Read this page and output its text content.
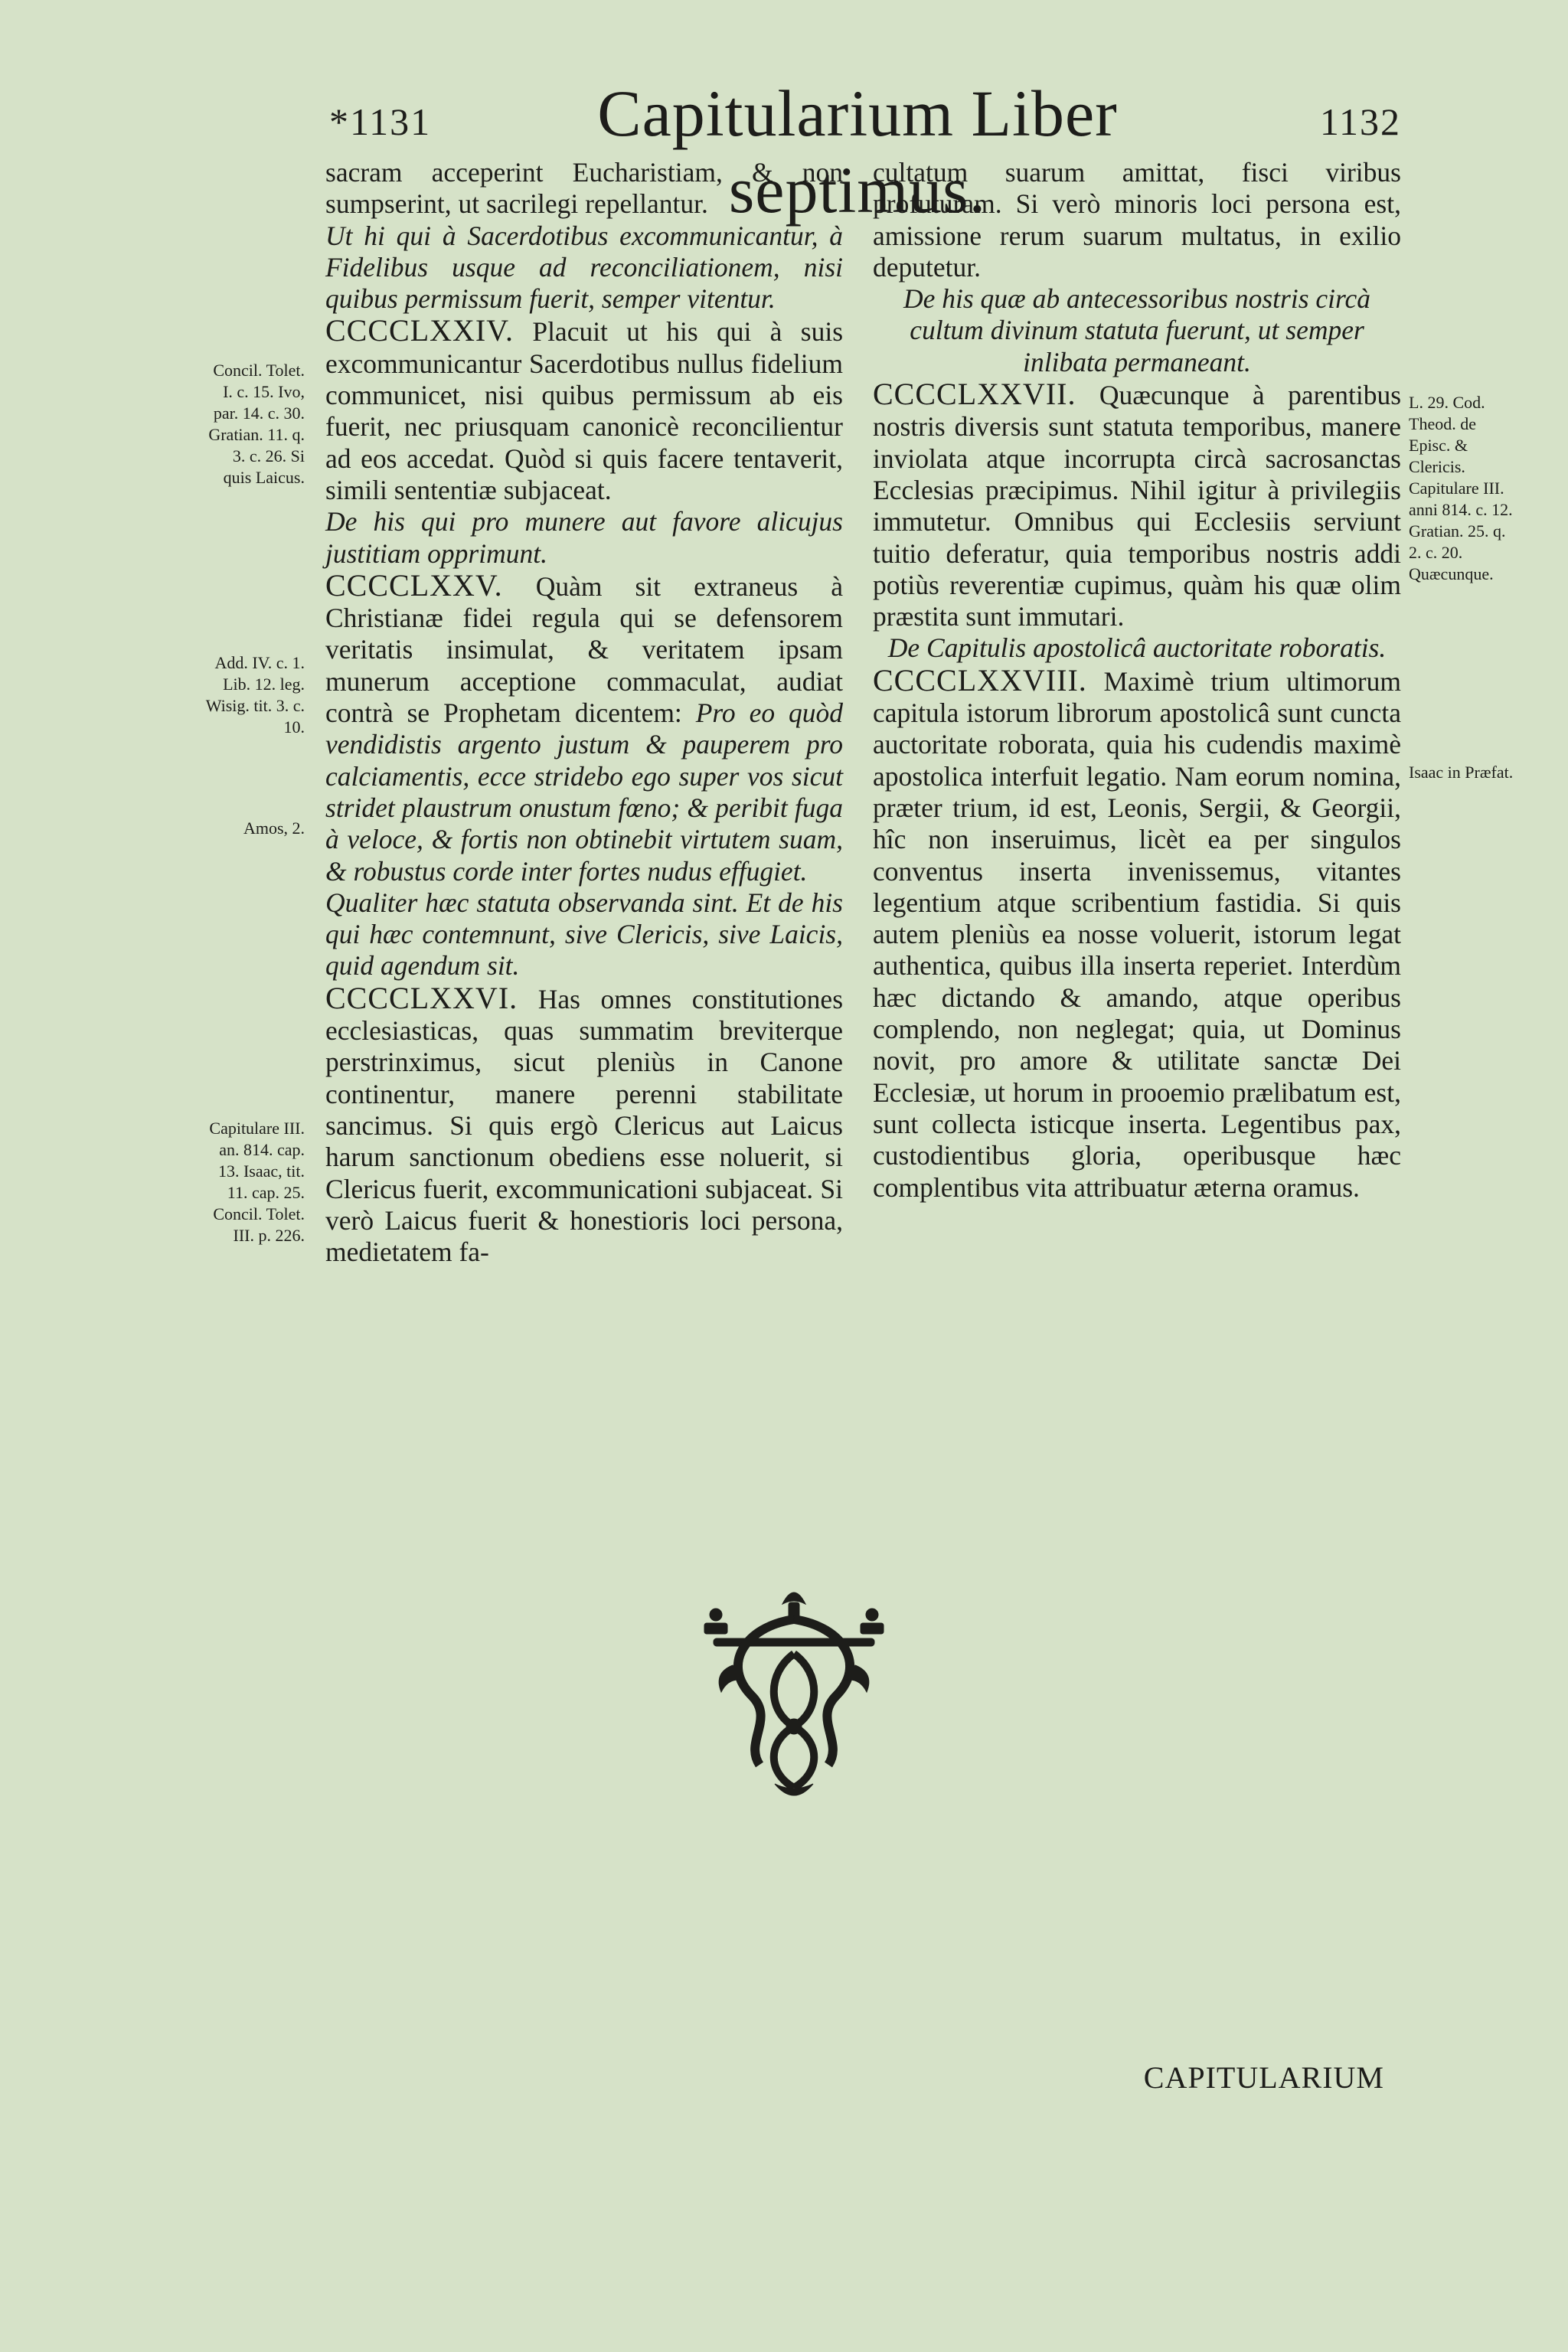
*1131	Capitularium Liber septimus.
1132
Concil. Tolet. I. c. 15. Ivo, par. 14. c. 30. Gratian. 11. q. 3. c. 26. Si quis Laicus.
Add. IV. c. 1. Lib. 12. leg. Wisig. tit. 3. c. 10.
Amos, 2.
Capitulare III. an. 814. cap. 13. Isaac, tit. 11. cap. 25. Concil. Tolet. III. p. 226.
L. 29. Cod. Theod. de Episc. & Clericis. Capitulare III. anni 814. c. 12. Gratian. 25. q. 2. c. 20. Quæcunque.
Isaac in Præfat.

sacram acceperint Eucharistiam, & non sumpserint, ut sacrilegi repellantur.

Ut hi qui à Sacerdotibus excommunicantur, à Fidelibus usque ad reconciliationem, nisi quibus permissum fuerit, semper vitentur.

CCCCLXXIV. Placuit ut his qui à suis excommunicantur Sacerdotibus nullus fidelium communicet, nisi quibus permissum ab eis fuerit, nec priusquam canonicè reconcilientur ad eos accedat. Quòd si quis facere tentaverit, simili sententiæ subjaceat.

De his qui pro munere aut favore alicujus justitiam opprimunt.

CCCCLXXV. Quàm sit extraneus à Christianæ fidei regula qui se defensorem veritatis insimulat, & veritatem ipsam munerum acceptione commaculat, audiat contrà se Prophetam dicentem: Pro eo quòd vendidistis argento justum & pauperem pro calciamentis, ecce stridebo ego super vos sicut stridet plaustrum onustum fœno; & peribit fuga à veloce, & fortis non obtinebit virtutem suam, & robustus corde inter fortes nudus effugiet.

Qualiter hæc statuta observanda sint. Et de his qui hæc contemnunt, sive Clericis, sive Laicis, quid agendum sit.

CCCCLXXVI. Has omnes constitutiones ecclesiasticas, quas summatim breviterque perstrinximus, sicut pleniùs in Canone continentur, manere perenni stabilitate sancimus. Si quis ergò Clericus aut Laicus harum sanctionum obediens esse noluerit, si Clericus fuerit, excommunicationi subjaceat. Si verò Laicus fuerit & honestioris loci persona, medietatem fa-

cultatum suarum amittat, fisci viribus profuturam. Si verò minoris loci persona est, amissione rerum suarum multatus, in exilio deputetur.

De his quæ ab antecessoribus nostris circà cultum divinum statuta fuerunt, ut semper inlibata permaneant.

CCCCLXXVII. Quæcunque à parentibus nostris diversis sunt statuta temporibus, manere inviolata atque incorrupta circà sacrosanctas Ecclesias præcipimus. Nihil igitur à privilegiis immutetur. Omnibus qui Ecclesiis serviunt tuitio deferatur, quia temporibus nostris addi potiùs reverentiæ cupimus, quàm his quæ olim præstita sunt immutari.

De Capitulis apostolicâ auctoritate roboratis.

CCCCLXXVIII. Maximè trium ultimorum capitula istorum librorum apostolicâ sunt cuncta auctoritate roborata, quia his cudendis maximè apostolica interfuit legatio. Nam eorum nomina, præter trium, id est, Leonis, Sergii, & Georgii, hîc non inseruimus, licèt ea per singulos conventus inserta invenissemus, vitantes legentium atque scribentium fastidia. Si quis autem pleniùs ea nosse voluerit, istorum legat authentica, quibus illa inserta reperiet. Interdùm hæc dictando & amando, atque operibus complendo, non neglegat; quia, ut Dominus novit, pro amore & utilitate sanctæ Dei Ecclesiæ, ut horum in prooemio prælibatum est, sunt collecta isticque inserta. Legentibus pax, custodientibus gloria, operibusque hæc complentibus vita attribuatur æterna oramus.

CAPITULARIUM
